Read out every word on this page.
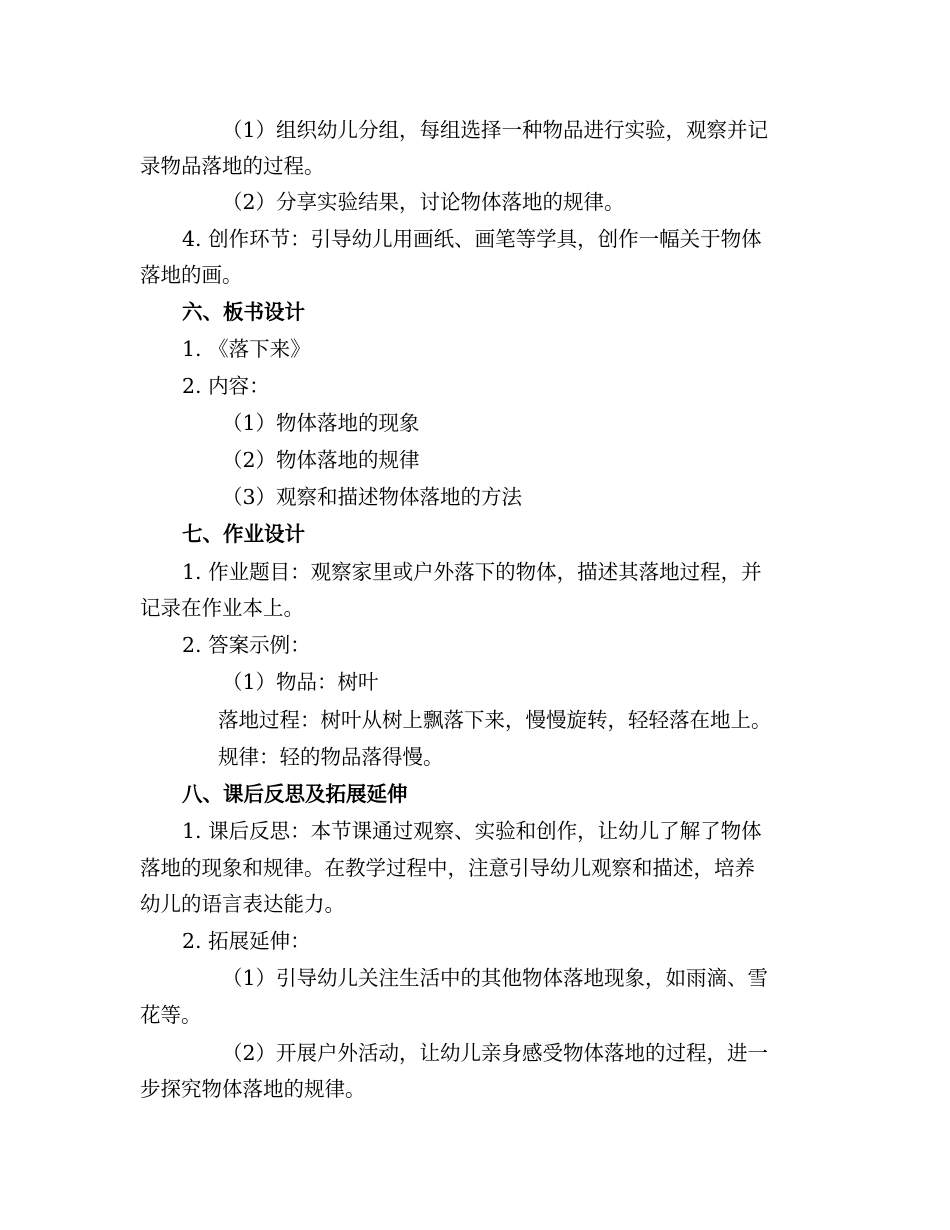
（1）组织幼儿分组，每组选择一种物品进行实验，观察并记
录物品落地的过程。
（2）分享实验结果，讨论物体落地的规律。
4. 创作环节：引导幼儿用画纸、画笔等学具，创作一幅关于物体
落地的画。
六、板书设计
1. 《落下来》
2. 内容：
（1）物体落地的现象
（2）物体落地的规律
（3）观察和描述物体落地的方法
七、作业设计
1. 作业题目：观察家里或户外落下的物体，描述其落地过程，并
记录在作业本上。
2. 答案示例：
（1）物品：树叶
落地过程：树叶从树上飘落下来，慢慢旋转，轻轻落在地上。
规律：轻的物品落得慢。
八、课后反思及拓展延伸
1. 课后反思：本节课通过观察、实验和创作，让幼儿了解了物体
落地的现象和规律。在教学过程中，注意引导幼儿观察和描述，培养
幼儿的语言表达能力。
2. 拓展延伸：
（1）引导幼儿关注生活中的其他物体落地现象，如雨滴、雪
花等。
（2）开展户外活动，让幼儿亲身感受物体落地的过程，进一
步探究物体落地的规律。
